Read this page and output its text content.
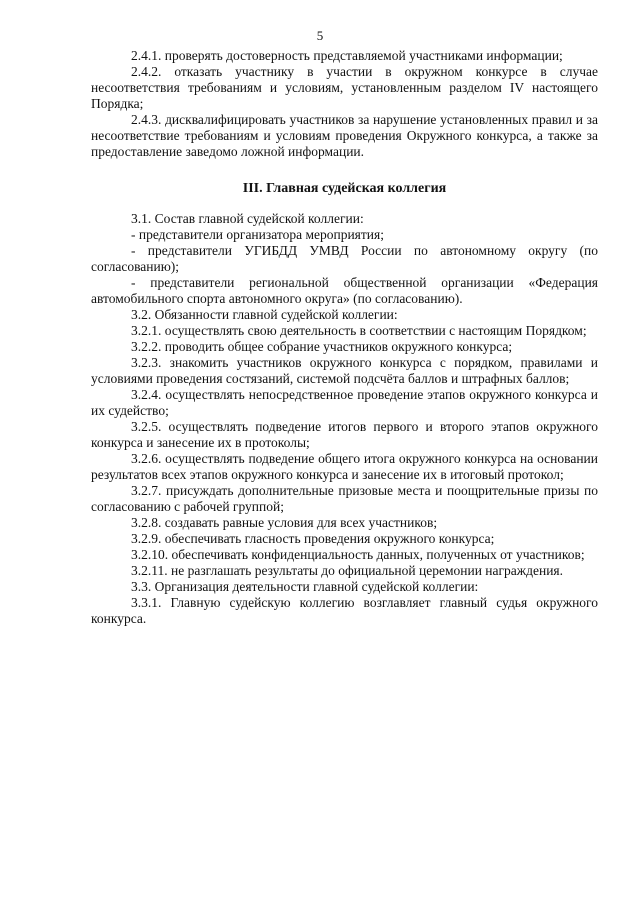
5

2.4.1. проверять достоверность представляемой участниками информации;

2.4.2. отказать участнику в участии в окружном конкурсе в случае несоответствия требованиям и условиям, установленным разделом IV настоящего Порядка;

2.4.3. дисквалифицировать участников за нарушение установленных правил и за несоответствие требованиям и условиям проведения Окружного конкурса, а также за предоставление заведомо ложной информации.

III. Главная судейская коллегия

3.1. Состав главной судейской коллегии:

- представители организатора мероприятия;

- представители УГИБДД УМВД России по автономному округу (по согласованию);

- представители региональной общественной организации «Федерация автомобильного спорта автономного округа» (по согласованию).

3.2. Обязанности главной судейской коллегии:

3.2.1. осуществлять свою деятельность в соответствии с настоящим Порядком;

3.2.2. проводить общее собрание участников окружного конкурса;

3.2.3. знакомить участников окружного конкурса с порядком, правилами и условиями проведения состязаний, системой подсчёта баллов и штрафных баллов;

3.2.4. осуществлять непосредственное проведение этапов окружного конкурса и их судейство;

3.2.5. осуществлять подведение итогов первого и второго этапов окружного конкурса и занесение их в протоколы;

3.2.6. осуществлять подведение общего итога окружного конкурса на основании результатов всех этапов окружного конкурса и занесение их в итоговый протокол;

3.2.7. присуждать дополнительные призовые места и поощрительные призы по согласованию с рабочей группой;

3.2.8. создавать равные условия для всех участников;

3.2.9. обеспечивать гласность проведения окружного конкурса;

3.2.10. обеспечивать конфиденциальность данных, полученных от участников;

3.2.11. не разглашать результаты до официальной церемонии награждения.

3.3. Организация деятельности главной судейской коллегии:

3.3.1. Главную судейскую коллегию возглавляет главный судья окружного конкурса.
